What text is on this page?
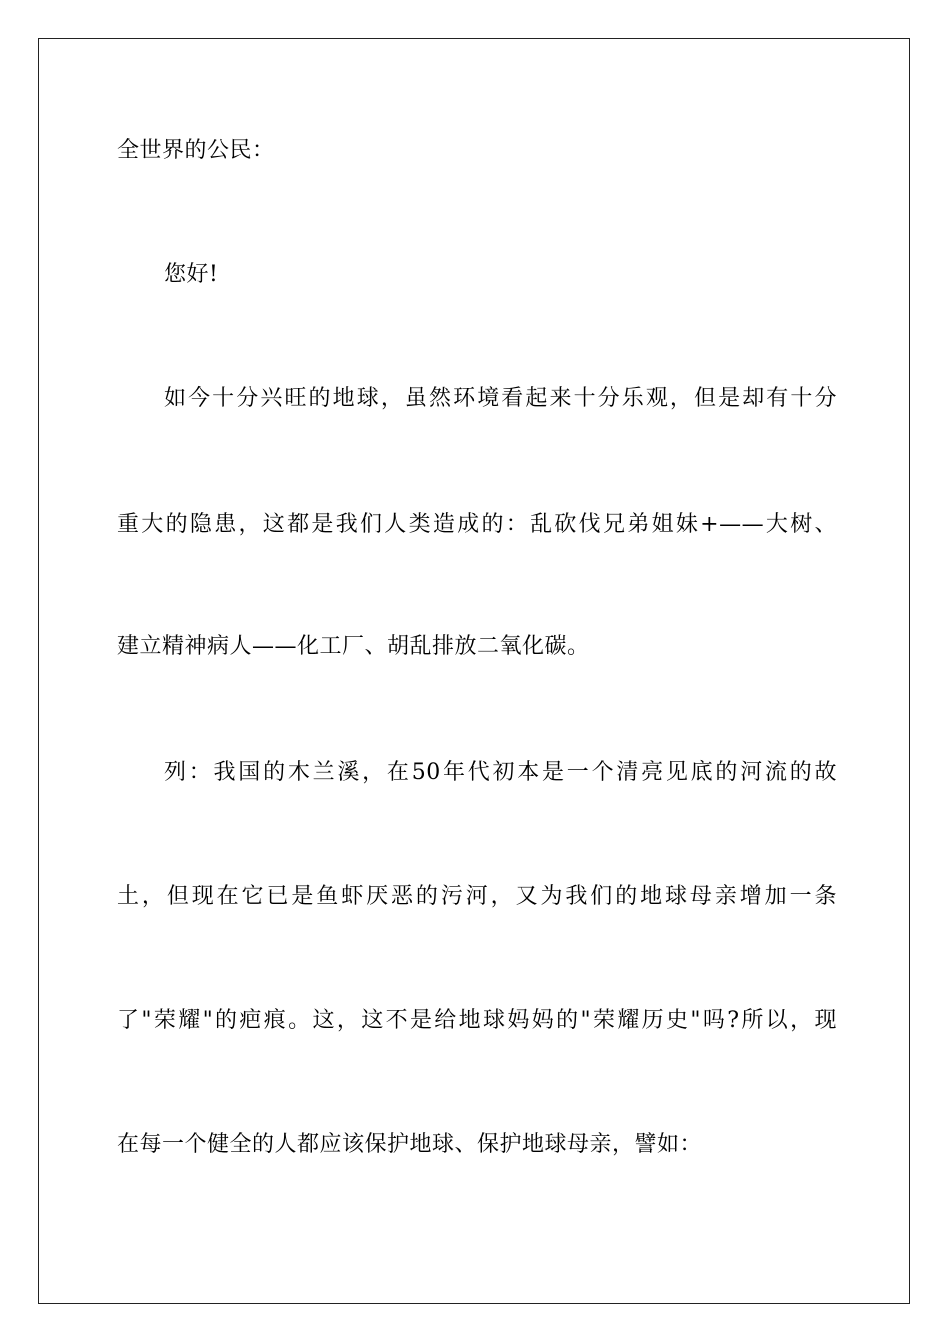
全世界的公民：
您好!
如今十分兴旺的地球，虽然环境看起来十分乐观，但是却有十分
重大的隐患，这都是我们人类造成的：乱砍伐兄弟姐妹+——大树、
建立精神病人——化工厂、胡乱排放二氧化碳。
列：我国的木兰溪，在50年代初本是一个清亮见底的河流的故
土，但现在它已是鱼虾厌恶的污河，又为我们的地球母亲增加一条
了"荣耀"的疤痕。这，这不是给地球妈妈的"荣耀历史"吗?所以，现
在每一个健全的人都应该保护地球、保护地球母亲，譬如：
